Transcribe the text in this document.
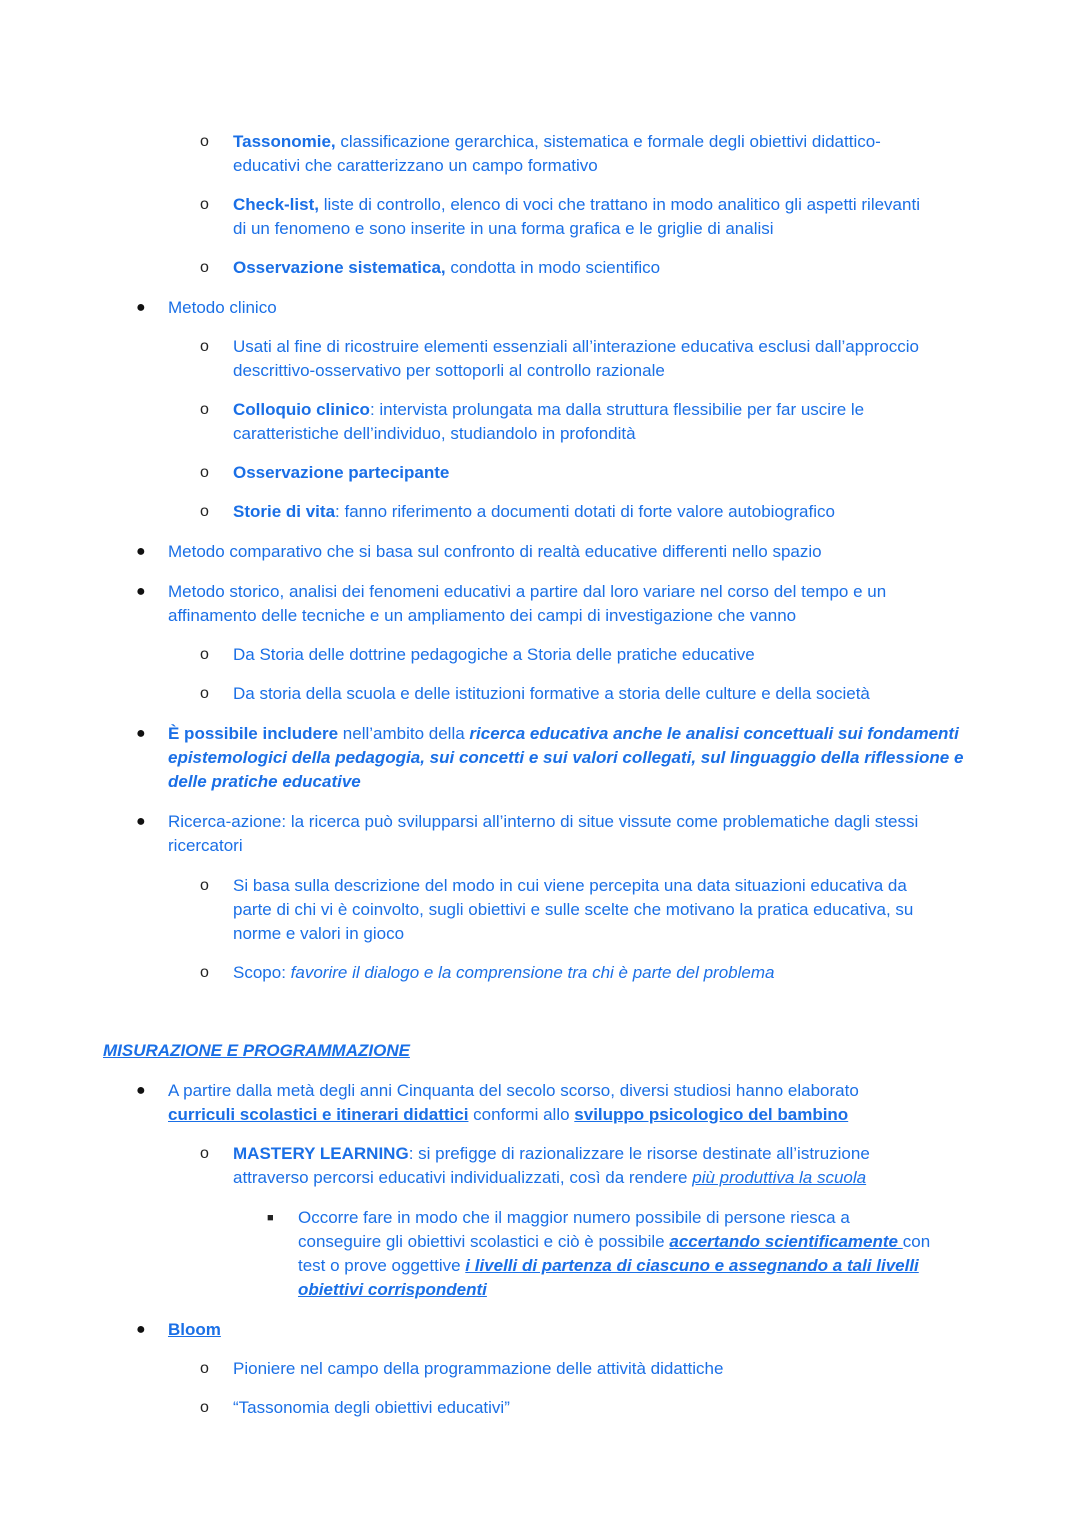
o Tassonomie, classificazione gerarchica, sistematica e formale degli obiettivi didattico-
educativi che caratterizzano un campo formativo
o Check-list, liste di controllo, elenco di voci che trattano in modo analitico gli aspetti rilevanti
di un fenomeno e sono inserite in una forma grafica e le griglie di analisi
o Osservazione sistematica, condotta in modo scientifico
● Metodo clinico
o Usati al fine di ricostruire elementi essenziali all’interazione educativa esclusi dall’approccio
descrittivo-osservativo per sottoporli al controllo razionale
o Colloquio clinico: intervista prolungata ma dalla struttura flessibilie per far uscire le
caratteristiche dell’individuo, studiandolo in profondità
o Osservazione partecipante
o Storie di vita: fanno riferimento a documenti dotati di forte valore autobiografico
● Metodo comparativo che si basa sul confronto di realtà educative differenti nello spazio
● Metodo storico, analisi dei fenomeni educativi a partire dal loro variare nel corso del tempo e un
affinamento delle tecniche e un ampliamento dei campi di investigazione che vanno
o Da Storia delle dottrine pedagogiche a Storia delle pratiche educative
o Da storia della scuola e delle istituzioni formative a storia delle culture e della società
● È possibile includere nell’ambito della ricerca educativa anche le analisi concettuali sui fondamenti
epistemologici della pedagogia, sui concetti e sui valori collegati, sul linguaggio della riflessione e
delle pratiche educative
● Ricerca-azione: la ricerca può svilupparsi all’interno di situe vissute come problematiche dagli stessi
ricercatori
o Si basa sulla descrizione del modo in cui viene percepita una data situazioni educativa da
parte di chi vi è coinvolto, sugli obiettivi e sulle scelte che motivano la pratica educativa, su
norme e valori in gioco
o Scopo: favorire il dialogo e la comprensione tra chi è parte del problema
MISURAZIONE E PROGRAMMAZIONE
● A partire dalla metà degli anni Cinquanta del secolo scorso, diversi studiosi hanno elaborato
curriculi scolastici e itinerari didattici conformi allo sviluppo psicologico del bambino
o MASTERY LEARNING: si prefigge di razionalizzare le risorse destinate all’istruzione
attraverso percorsi educativi individualizzati, così da rendere più produttiva la scuola
■ Occorre fare in modo che il maggior numero possibile di persone riesca a
conseguire gli obiettivi scolastici e ciò è possibile accertando scientificamente con
test o prove oggettive i livelli di partenza di ciascuno e assegnando a tali livelli
obiettivi corrispondenti
● Bloom
o Pioniere nel campo della programmazione delle attività didattiche
o “Tassonomia degli obiettivi educativi”
